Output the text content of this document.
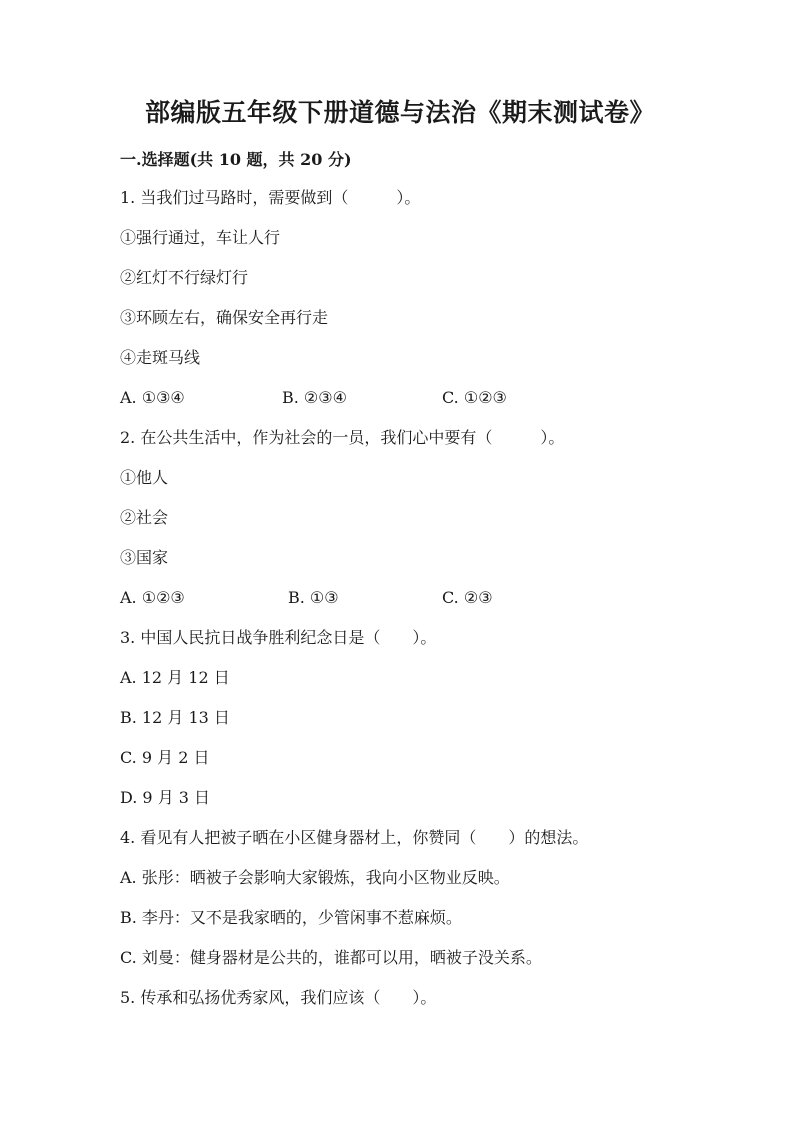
部编版五年级下册道德与法治《期末测试卷》
一.选择题(共 10 题，共 20 分)
1. 当我们过马路时，需要做到（　　　）。
①强行通过，车让人行
②红灯不行绿灯行
③环顾左右，确保安全再行走
④走斑马线
A. ①③④	B. ②③④	C. ①②③
2. 在公共生活中，作为社会的一员，我们心中要有（　　　）。
①他人
②社会
③国家
A. ①②③	B. ①③	C. ②③
3. 中国人民抗日战争胜利纪念日是（　　）。
A. 12 月 12 日
B. 12 月 13 日
C. 9 月 2 日
D. 9 月 3 日
4. 看见有人把被子晒在小区健身器材上，你赞同（　　）的想法。
A. 张彤：晒被子会影响大家锻炼，我向小区物业反映。
B. 李丹：又不是我家晒的，少管闲事不惹麻烦。
C. 刘曼：健身器材是公共的，谁都可以用，晒被子没关系。
5. 传承和弘扬优秀家风，我们应该（　　）。
